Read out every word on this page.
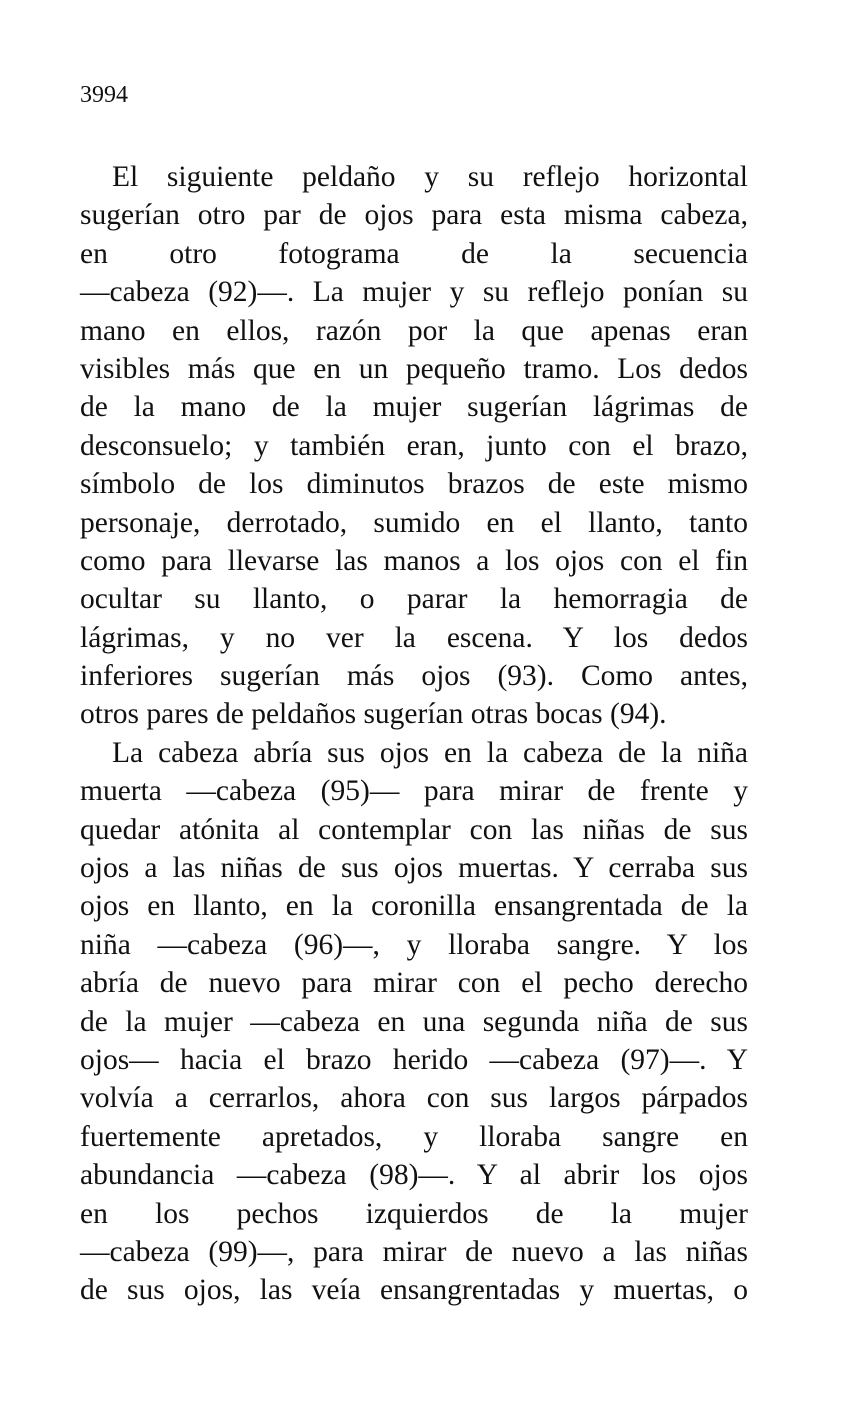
3994
El siguiente peldaño y su reflejo horizontal
sugerían otro par de ojos para esta misma cabeza,
en otro fotograma de la secuencia
—cabeza (92)—. La mujer y su reflejo ponían su
mano en ellos, razón por la que apenas eran
visibles más que en un pequeño tramo. Los dedos
de la mano de la mujer sugerían lágrimas de
desconsuelo; y también eran, junto con el brazo,
símbolo de los diminutos brazos de este mismo
personaje, derrotado, sumido en el llanto, tanto
como para llevarse las manos a los ojos con el fin
ocultar su llanto, o parar la hemorragia de
lágrimas, y no ver la escena. Y los dedos
inferiores sugerían más ojos (93). Como antes,
otros pares de peldaños sugerían otras bocas (94).
La cabeza abría sus ojos en la cabeza de la niña
muerta —cabeza (95)— para mirar de frente y
quedar atónita al contemplar con las niñas de sus
ojos a las niñas de sus ojos muertas. Y cerraba sus
ojos en llanto, en la coronilla ensangrentada de la
niña —cabeza (96)—, y lloraba sangre. Y los
abría de nuevo para mirar con el pecho derecho
de la mujer —cabeza en una segunda niña de sus
ojos— hacia el brazo herido —cabeza (97)—. Y
volvía a cerrarlos, ahora con sus largos párpados
fuertemente apretados, y lloraba sangre en
abundancia —cabeza (98)—. Y al abrir los ojos
en los pechos izquierdos de la mujer
—cabeza (99)—, para mirar de nuevo a las niñas
de sus ojos, las veía ensangrentadas y muertas, o
